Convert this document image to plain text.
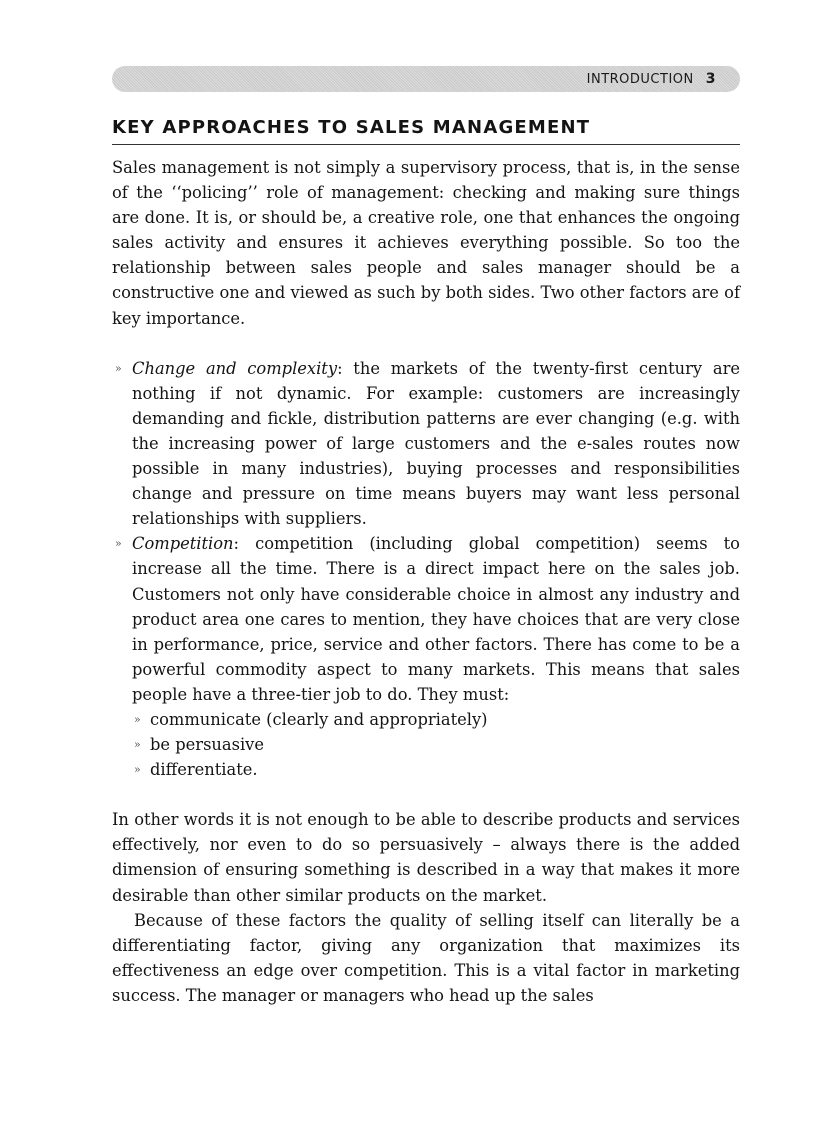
INTRODUCTION 3
KEY APPROACHES TO SALES MANAGEMENT

Sales management is not simply a supervisory process, that is, in the sense of the ‘‘policing’’ role of management: checking and making sure things are done. It is, or should be, a creative role, one that enhances the ongoing sales activity and ensures it achieves everything possible. So too the relationship between sales people and sales manager should be a constructive one and viewed as such by both sides. Two other factors are of key importance.

» Change and complexity: the markets of the twenty-first century are nothing if not dynamic. For example: customers are increasingly demanding and fickle, distribution patterns are ever changing (e.g. with the increasing power of large customers and the e-sales routes now possible in many industries), buying processes and responsibilities change and pressure on time means buyers may want less personal relationships with suppliers.
» Competition: competition (including global competition) seems to increase all the time. There is a direct impact here on the sales job. Customers not only have considerable choice in almost any industry and product area one cares to mention, they have choices that are very close in performance, price, service and other factors. There has come to be a powerful commodity aspect to many markets. This means that sales people have a three-tier job to do. They must:
» communicate (clearly and appropriately)
» be persuasive
» differentiate.

In other words it is not enough to be able to describe products and services effectively, nor even to do so persuasively – always there is the added dimension of ensuring something is described in a way that makes it more desirable than other similar products on the market.

Because of these factors the quality of selling itself can literally be a differentiating factor, giving any organization that maximizes its effectiveness an edge over competition. This is a vital factor in marketing success. The manager or managers who head up the sales
